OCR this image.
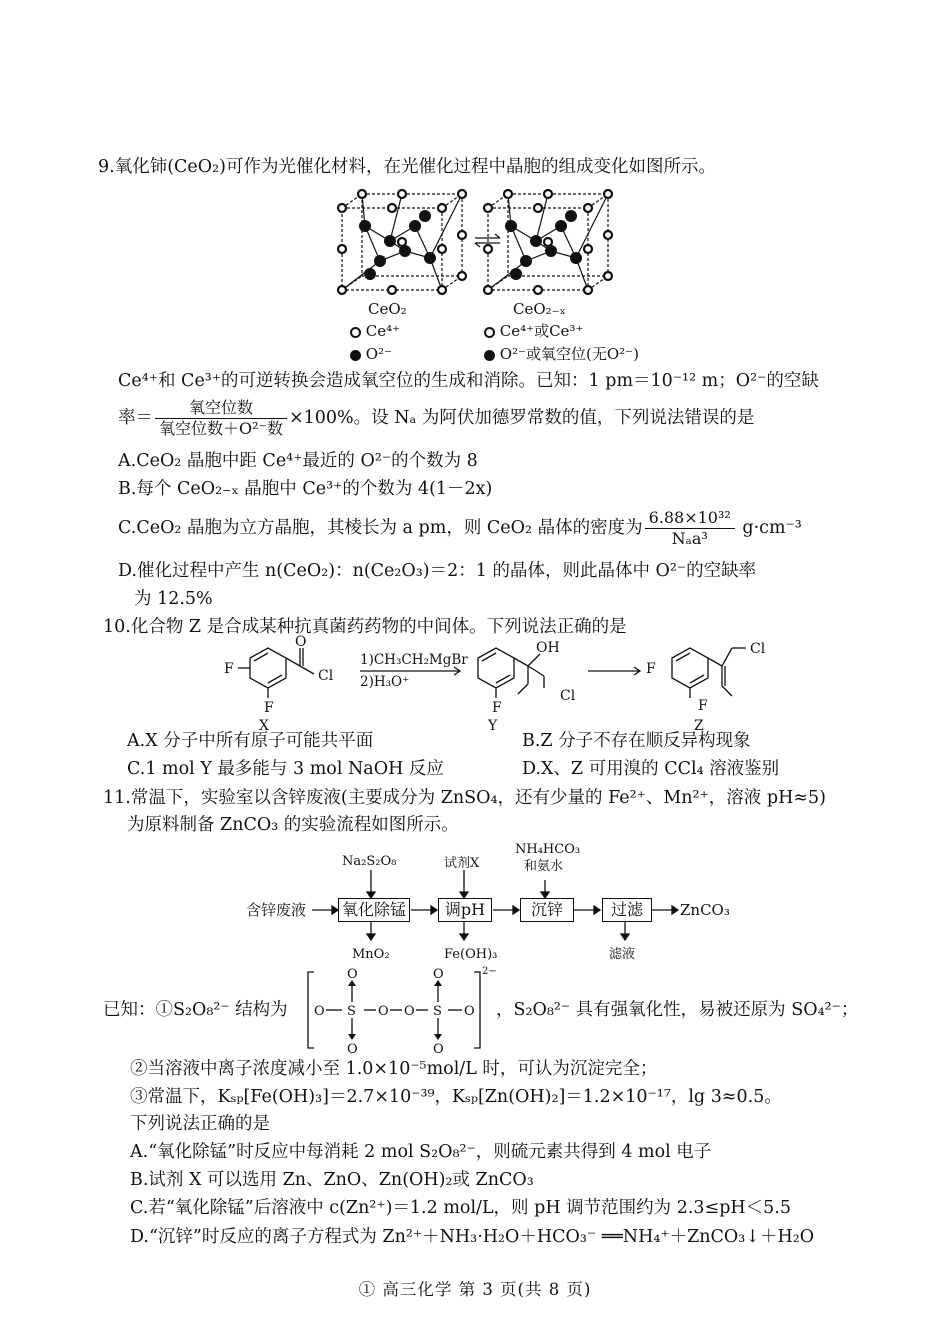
9.氧化铈(CeO₂)可作为光催化材料，在光催化过程中晶胞的组成变化如图所示。
CeO₂	CeO₂₋ₓ
Ce⁴⁺
O²⁻
Ce⁴⁺或Ce³⁺
O²⁻或氧空位(无O²⁻)
Ce⁴⁺和 Ce³⁺的可逆转换会造成氧空位的生成和消除。已知：1 pm＝10⁻¹² m；O²⁻的空缺
率＝ $\frac{\text{氧空位数}}{\text{氧空位数＋O²⁻数}} \times 100\%$。设 Nₐ 为阿伏加德罗常数的值，下列说法错误的是
A.CeO₂ 晶胞中距 Ce⁴⁺最近的 O²⁻的个数为 8
B.每个 CeO₂₋ₓ 晶胞中 Ce³⁺的个数为 4(1－2x)
C.CeO₂ 晶胞为立方晶胞，其棱长为 a pm，则 CeO₂ 晶体的密度为 $\frac{\text{6.88×10³²}}{\text{Nₐa³}} g\cdot cm^{-3}$
D.催化过程中产生 n(CeO₂)：n(Ce₂O₃)＝2：1 的晶体，则此晶体中 O²⁻的空缺率
为 12.5%
10.化合物 Z 是合成某种抗真菌药药物的中间体。下列说法正确的是
F
O
Cl
F
X
1)CH₃CH₂MgBr
2)H₃O⁺
OH
F
Cl
Y
F
F
Cl
Z
A.X 分子中所有原子可能共平面	B.Z 分子不存在顺反异构现象
C.1 mol Y 最多能与 3 mol NaOH 反应	D.X、Z 可用溴的 CCl₄ 溶液鉴别
11.常温下，实验室以含锌废液(主要成分为 ZnSO₄，还有少量的 Fe²⁺、Mn²⁺，溶液 pH≈5)
为原料制备 ZnCO₃ 的实验流程如图所示。
含锌废液 氧化除锰	调pH	沉锌	过滤	ZnCO₃
Na₂S₂O₈	试剂X
NH₄HCO₃
和氨水
MnO₂	Fe(OH)₃	滤液
已知：①S₂O₈²⁻ 结构为
O	O
O S O O S O
O	O
2−
，S₂O₈²⁻ 具有强氧化性，易被还原为 SO₄²⁻；
②当溶液中离子浓度减小至 1.0×10⁻⁵mol/L 时，可认为沉淀完全；
③常温下，Kₛₚ[Fe(OH)₃]＝2.7×10⁻³⁹，Kₛₚ[Zn(OH)₂]＝1.2×10⁻¹⁷，lg 3≈0.5。
下列说法正确的是
A.“氧化除锰”时反应中每消耗 2 mol S₂O₈²⁻，则硫元素共得到 4 mol 电子
B.试剂 X 可以选用 Zn、ZnO、Zn(OH)₂或 ZnCO₃
C.若“氧化除锰”后溶液中 c(Zn²⁺)＝1.2 mol/L，则 pH 调节范围约为 2.3≤pH＜5.5
D.“沉锌”时反应的离子方程式为 Zn²⁺＋NH₃·H₂O＋HCO₃⁻ ══NH₄⁺＋ZnCO₃↓＋H₂O
① 高三化学 第 3 页(共 8 页)
